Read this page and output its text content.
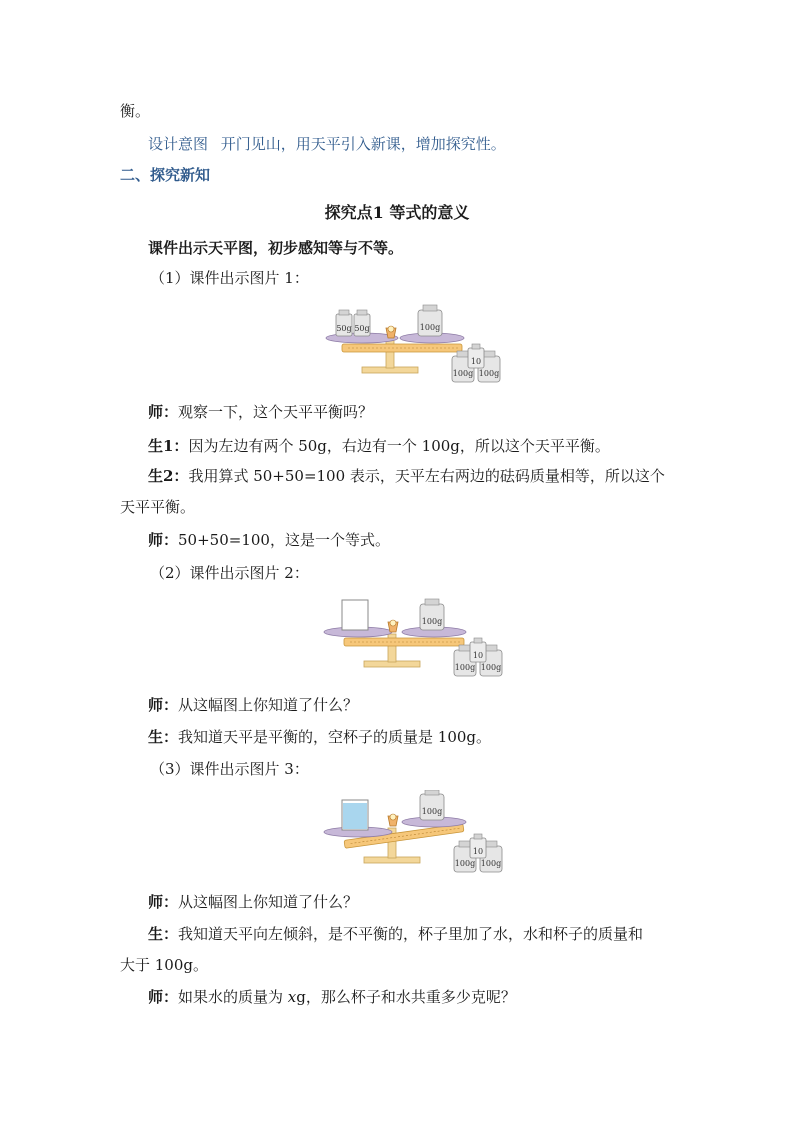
衡。
设计意图 开门见山，用天平引入新课，增加探究性。
二、探究新知
探究点1 等式的意义
课件出示天平图，初步感知等与不等。
（1）课件出示图片 1：
50g 50g	100g
100g
10
100g
师：观察一下，这个天平平衡吗？
生1：因为左边有两个 50g，右边有一个 100g，所以这个天平平衡。
生2：我用算式 50+50=100 表示，天平左右两边的砝码质量相等，所以这个
天平平衡。
师：50+50=100，这是一个等式。
（2）课件出示图片 2：
100g
100g
10
100g
师：从这幅图上你知道了什么？
生：我知道天平是平衡的，空杯子的质量是 100g。
（3）课件出示图片 3：
100g
100g
10
100g
师：从这幅图上你知道了什么？
生：我知道天平向左倾斜，是不平衡的，杯子里加了水，水和杯子的质量和
大于 100g。
师：如果水的质量为 xg，那么杯子和水共重多少克呢？
